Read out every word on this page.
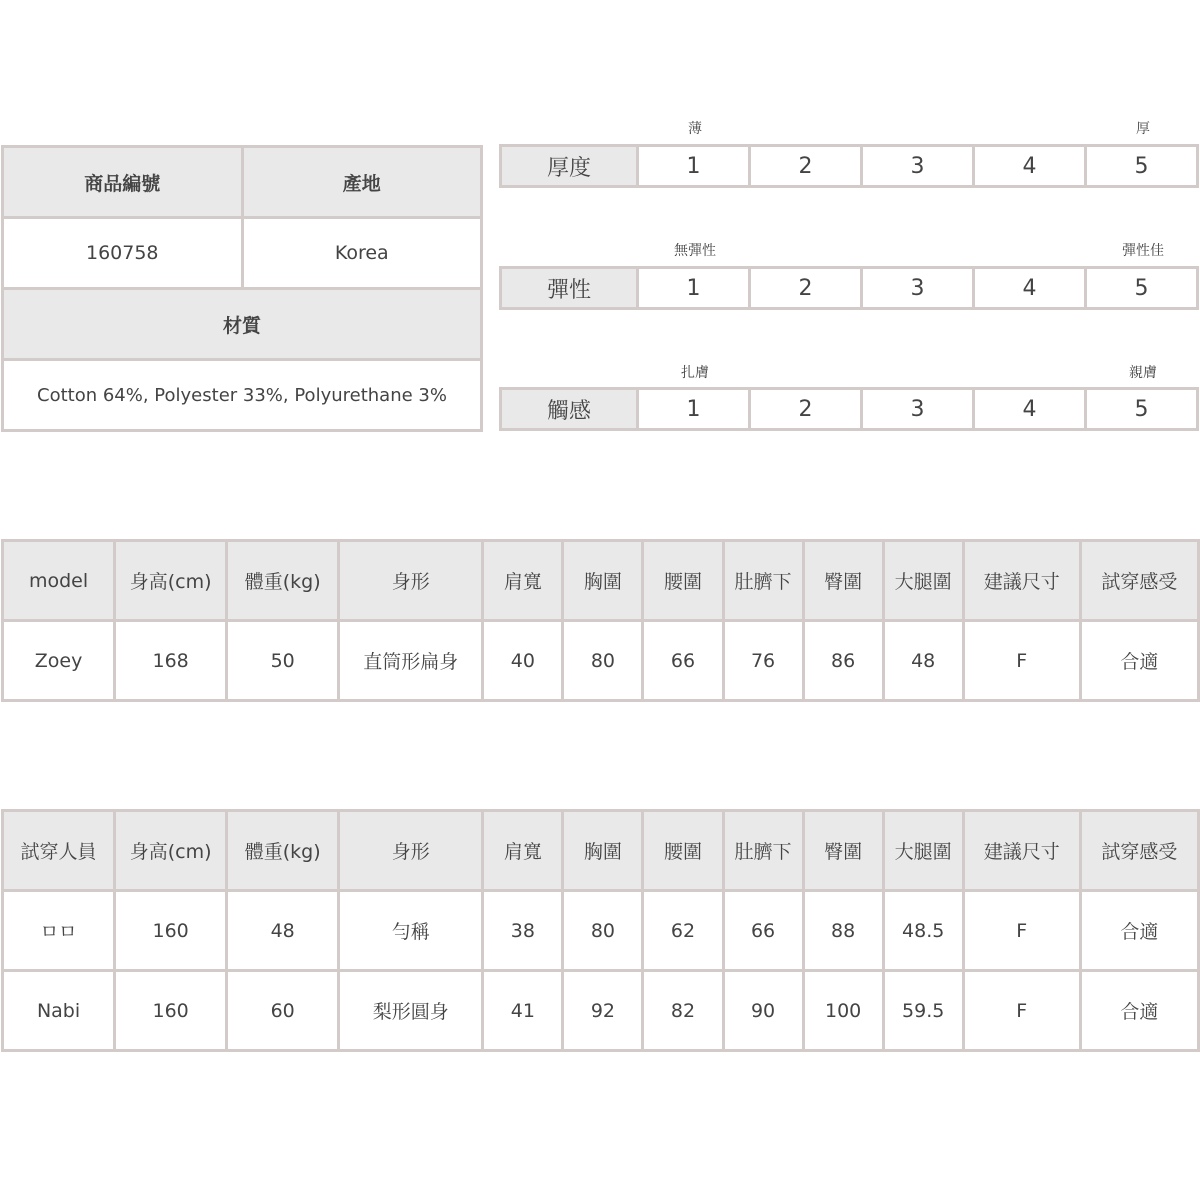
商品編號	產地
160758	Korea
材質	
Cotton 64%, Polyester 33%, Polyurethane 3%	
薄	厚
厚度	1	2	3	4	5
無彈性	彈性佳
彈性	1	2	3	4	5
扎膚	親膚
觸感	1	2	3	4	5
model	身高(cm)	體重(kg)	身形	肩寬	胸圍	腰圍	肚臍下	臀圍	大腿圍	建議尺寸	試穿感受
Zoey	168	50	直筒形扁身	40	80	66	76	86	48	F	合適
試穿人員	身高(cm)	體重(kg)	身形	肩寬	胸圍	腰圍	肚臍下	臀圍	大腿圍	建議尺寸	試穿感受
ㅁㅁ	160	48	勻稱	38	80	62	66	88	48.5	F	合適
Nabi	160	60	梨形圓身	41	92	82	90	100	59.5	F	合適
